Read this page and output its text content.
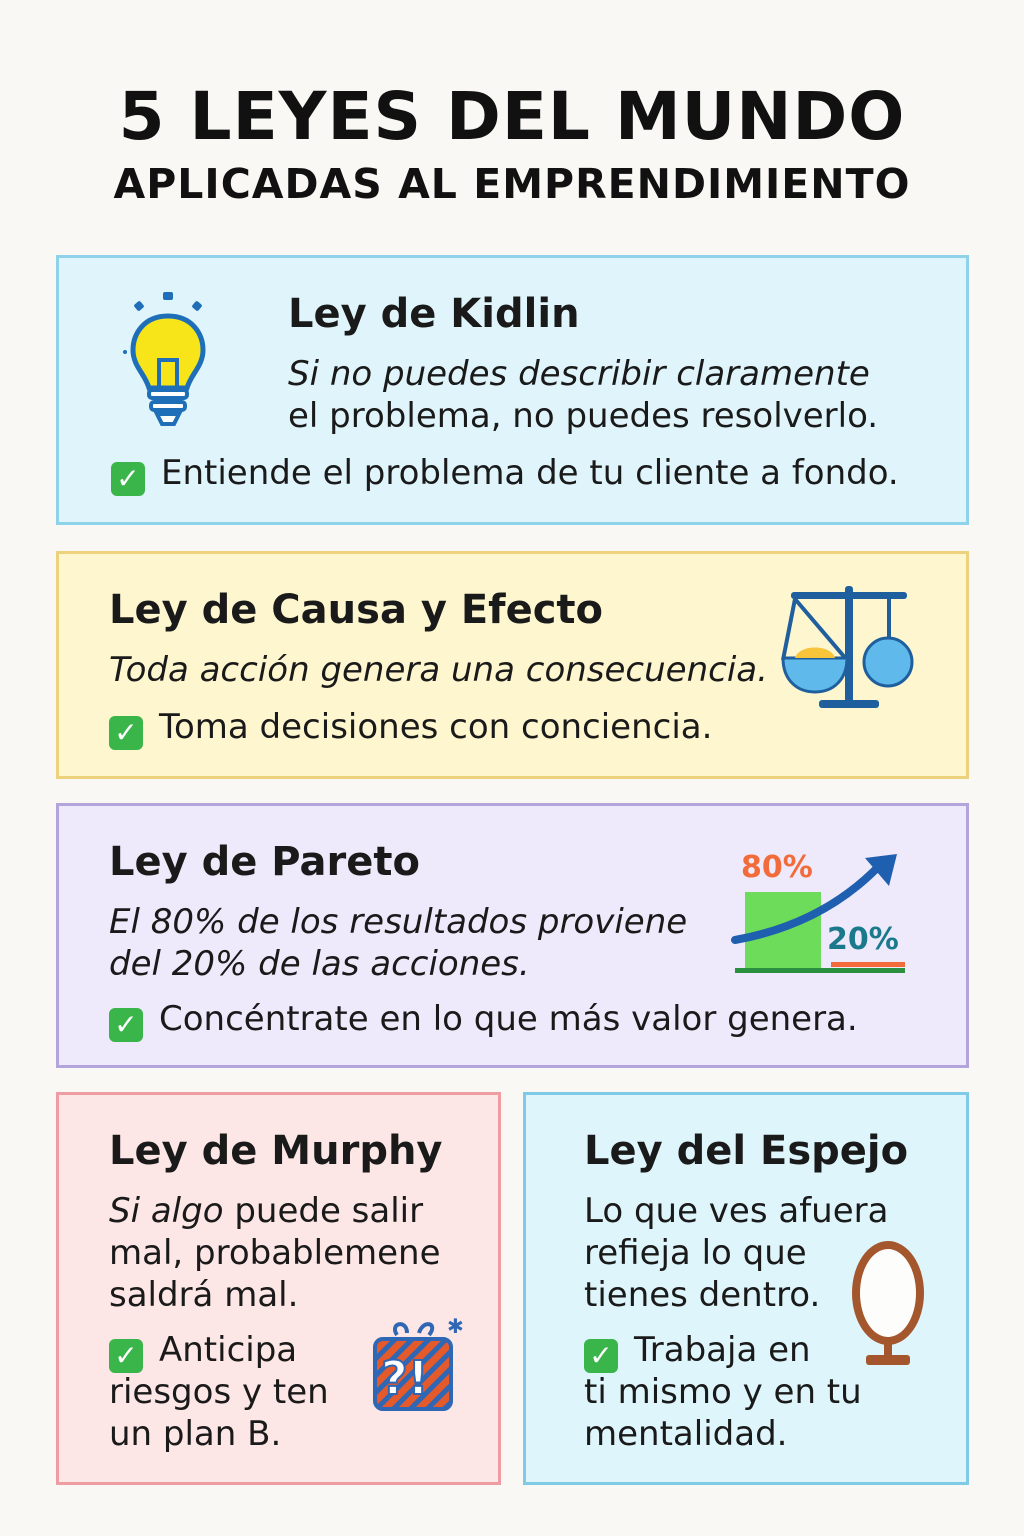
5 LEYES DEL MUNDO
APLICADAS AL EMPRENDIMIENTO
Ley de Kidlin
Si no puedes describir claramente
el problema, no puedes resolverlo.
✓ Entiende el problema de tu cliente a fondo.
Ley de Causa y Efecto
Toda acción genera una consecuencia.
✓ Toma decisiones con conciencia.
Ley de Pareto
El 80% de los resultados proviene
del 20% de las acciones.
✓ Concéntrate en lo que más valor genera.
80%
20%
Ley de Murphy
Si algo puede salir
mal, probablemene
saldrá mal.
✓ Anticipa
riesgos y ten
un plan B.
✱
?!
Ley del Espejo
Lo que ves afuera
refieja lo que
tienes dentro.
✓ Trabaja en
ti mismo y en tu
mentalidad.
